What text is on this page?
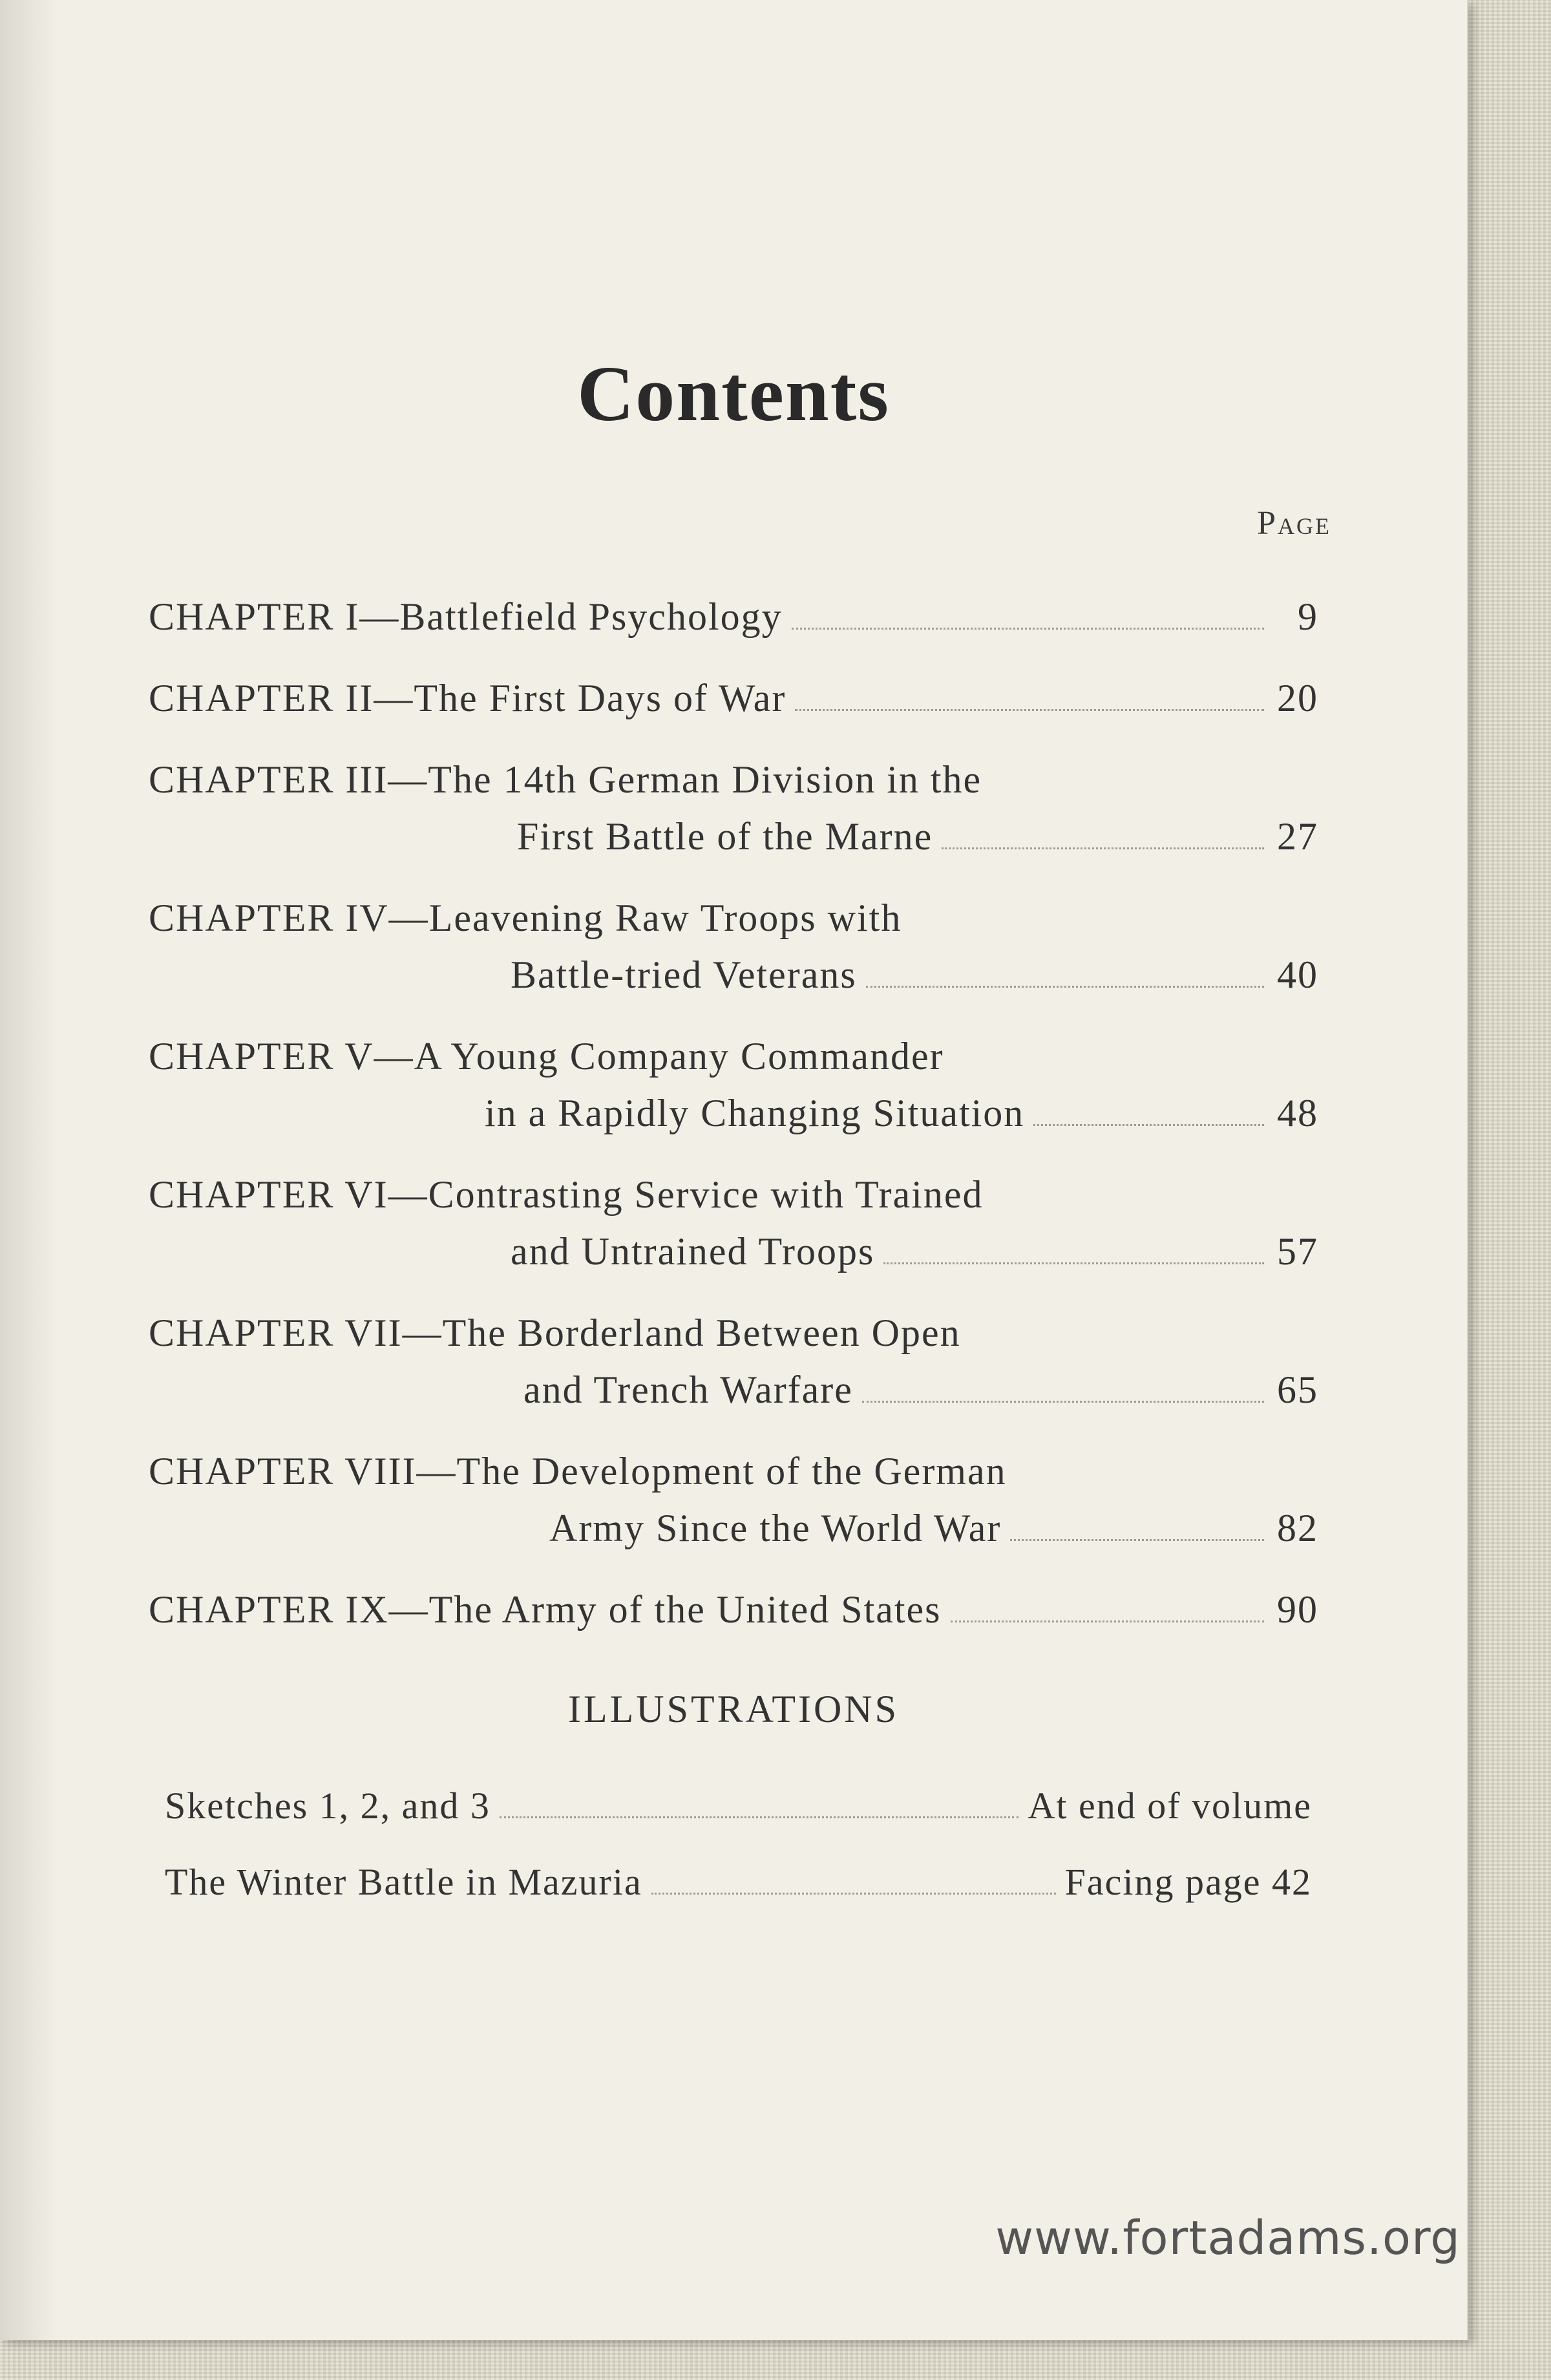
Contents
Page
CHAPTER I—Battlefield Psychology	9
CHAPTER II—The First Days of War	20
CHAPTER III—The 14th German Division in the
First Battle of the Marne	27
CHAPTER IV—Leavening Raw Troops with
Battle-tried Veterans	40
CHAPTER V—A Young Company Commander
in a Rapidly Changing Situation	48
CHAPTER VI—Contrasting Service with Trained
and Untrained Troops	57
CHAPTER VII—The Borderland Between Open
and Trench Warfare	65
CHAPTER VIII—The Development of the German
Army Since the World War	82
CHAPTER IX—The Army of the United States	90
ILLUSTRATIONS
Sketches 1, 2, and 3	At end of volume
The Winter Battle in Mazuria	Facing page 42
www.fortadams.org
